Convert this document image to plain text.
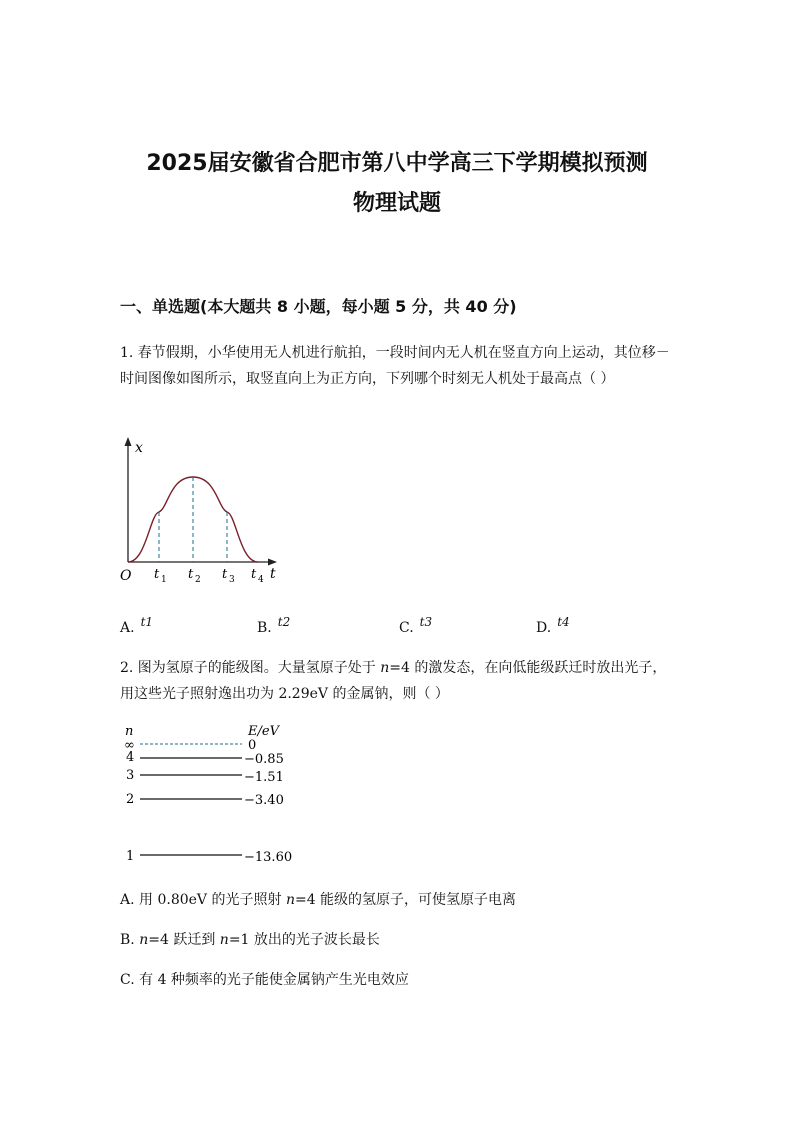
2025届安徽省合肥市第八中学高三下学期模拟预测
物理试题
一、单选题(本大题共 8 小题，每小题 5 分，共 40 分)
1. 春节假期，小华使用无人机进行航拍，一段时间内无人机在竖直方向上运动，其位移－时间图像如图所示，取竖直向上为正方向，下列哪个时刻无人机处于最高点（ ）
x
t
O t 1 t 2 t 3 t 4
A. t1	B. t2	C. t3	D. t4
2. 图为氢原子的能级图。大量氢原子处于 n=4 的激发态，在向低能级跃迁时放出光子，用这些光子照射逸出功为 2.29eV 的金属钠，则（ ）
n	E/eV
∞	0
4	−0.85
3	−1.51
2	−3.40
1	−13.60
A. 用 0.80eV 的光子照射 n=4 能级的氢原子，可使氢原子电离
B. n=4 跃迁到 n=1 放出的光子波长最长
C. 有 4 种频率的光子能使金属钠产生光电效应
